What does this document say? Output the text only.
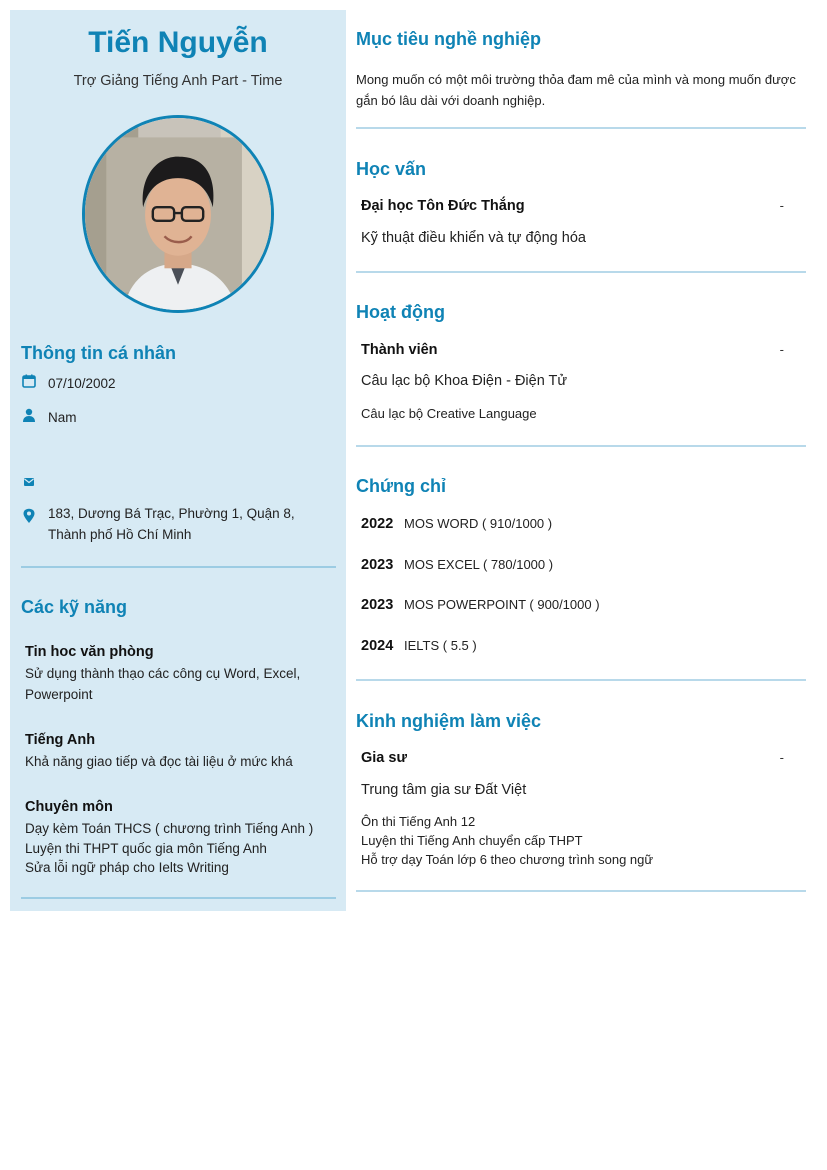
Tiến Nguyễn
Trợ Giảng Tiếng Anh Part - Time
Thông tin cá nhân
07/10/2002
Nam
183, Dương Bá Trạc, Phường 1, Quận 8, Thành phố Hồ Chí Minh
Các kỹ năng
Tin hoc văn phòng
Sử dụng thành thạo các công cụ Word, Excel,
Powerpoint
Tiếng Anh
Khả năng giao tiếp và đọc tài liệu ở mức khá
Chuyên môn
Dạy kèm Toán THCS ( chương trình Tiếng Anh )
Luyện thi THPT quốc gia môn Tiếng Anh
Sửa lỗi ngữ pháp cho Ielts Writing
Mục tiêu nghề nghiệp
Mong muốn có một môi trường thỏa đam mê của mình và mong muốn được gắn bó lâu dài với doanh nghiệp.
Học vấn
Đại học Tôn Đức Thắng	-
Kỹ thuật điều khiển và tự động hóa
Hoạt động
Thành viên	-
Câu lạc bộ Khoa Điện - Điện Tử
Câu lạc bộ Creative Language
Chứng chỉ
2022 MOS WORD ( 910/1000 )
2023 MOS EXCEL ( 780/1000 )
2023 MOS POWERPOINT ( 900/1000 )
2024 IELTS ( 5.5 )
Kinh nghiệm làm việc
Gia sư	-
Trung tâm gia sư Đất Việt
Ôn thi Tiếng Anh 12
Luyện thi Tiếng Anh chuyển cấp THPT
Hỗ trợ dạy Toán lớp 6 theo chương trình song ngữ
